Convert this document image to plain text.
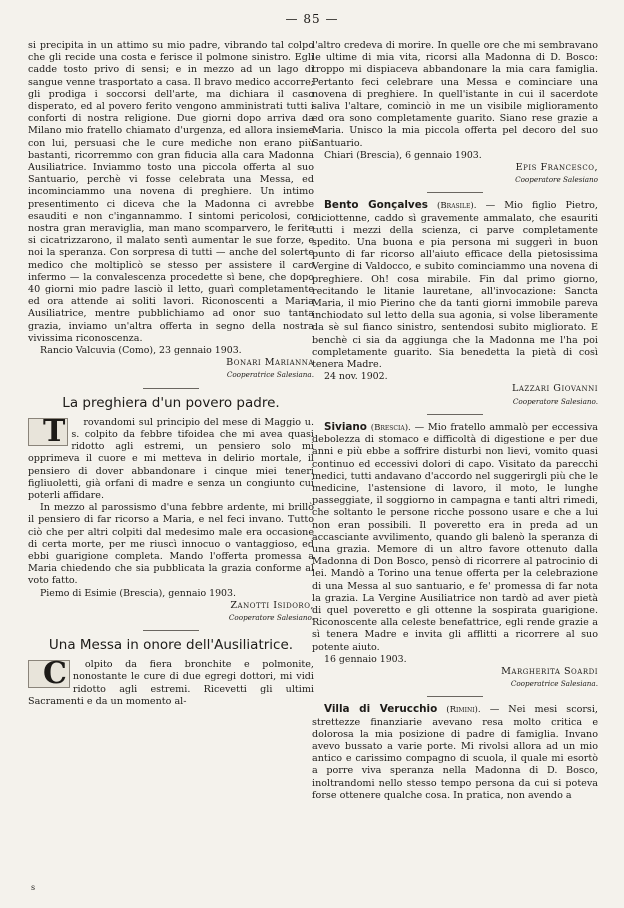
— 85 —

si precipita in un attimo su mio padre, vibrando tal colpo che gli recide una costa e ferisce il polmone sinistro. Egli cadde tosto privo di sensi; e in mezzo ad un lago di sangue venne trasportato a casa. Il bravo medico accorre; gli prodiga i soccorsi dell'arte, ma dichiara il caso disperato, ed al povero ferito vengono amministrati tutti i conforti di nostra religione. Due giorni dopo arriva da Milano mio fratello chiamato d'urgenza, ed allora insieme con lui, persuasi che le cure mediche non erano più bastanti, ricorremmo con gran fiducia alla cara Madonna Ausiliatrice. Inviammo tosto una piccola offerta al suo Santuario, perchè vi fosse celebrata una Messa, ed incominciammo una novena di preghiere. Un intimo presentimento ci diceva che la Madonna ci avrebbe esauditi e non c'ingannammo. I sintomi pericolosi, con nostra gran meraviglia, man mano scomparvero, le ferite si cicatrizzarono, il malato sentì aumentar le sue forze, e noi la speranza. Con sorpresa di tutti — anche del solerte medico che moltiplicò se stesso per assistere il caro infermo — la convalescenza procedette sì bene, che dopo 40 giorni mio padre lasciò il letto, guarì completamente ed ora attende ai soliti lavori. Riconoscenti a Maria Ausiliatrice, mentre pubblichiamo ad onor suo tanta grazia, inviamo un'altra offerta in segno della nostra vivissima riconoscenza.

Rancio Valcuvia (Como), 23 gennaio 1903.

Bonari Marianna

Cooperatrice Salesiana.

La preghiera d'un povero padre.

T	rovandomi sul principio del mese di Maggio u. s. colpito da febbre tifoidea che mi avea quasi ridotto agli estremi, un pensiero solo mi opprimeva il cuore e mi metteva in delirio mortale, il pensiero di dover abbandonare i cinque miei teneri figliuoletti, già orfani di madre e senza un congiunto cui poterli affidare.

In mezzo al parossismo d'una febbre ardente, mi brillò il pensiero di far ricorso a Maria, e nel feci invano. Tutto ciò che per altri colpiti dal medesimo male era occasione di certa morte, per me riuscì innocuo o vantaggioso, ed ebbi guarigione completa. Mando l'offerta promessa a Maria chiedendo che sia pubblicata la grazia conforme al voto fatto.

Piemo di Esimie (Brescia), gennaio 1903.

Zanotti Isidoro,

Cooperatore Salesiano.

Una Messa in onore dell'Ausiliatrice.

C	olpito da fiera bronchite e polmonite, nonostante le cure di due egregi dottori, mi vidi ridotto agli estremi. Ricevetti gli ultimi Sacramenti e da un momento al-

l'altro credeva di morire. In quelle ore che mi sembravano le ultime di mia vita, ricorsi alla Madonna di D. Bosco: troppo mi dispiaceva abbandonare la mia cara famiglia. Pertanto feci celebrare una Messa e cominciare una novena di preghiere. In quell'istante in cui il sacerdote saliva l'altare, cominciò in me un visibile miglioramento ed ora sono completamente guarito. Siano rese grazie a Maria. Unisco la mia piccola offerta pel decoro del suo Santuario.

Chiari (Brescia), 6 gennaio 1903.

Epis Francesco,

Cooperatore Salesiano

Bento Gonçalves (Brasile). — Mio figlio Pietro, diciottenne, caddo sì gravemente ammalato, che esauriti tutti i mezzi della scienza, ci parve completamente spedito. Una buona e pia persona mi suggerì in buon punto di far ricorso all'aiuto efficace della pietosissima Vergine di Valdocco, e subito cominciammo una novena di preghiere. Oh! cosa mirabile. Fin dal primo giorno, recitando le litanie lauretane, all'invocazione: Sancta Maria, il mio Pierino che da tanti giorni immobile pareva inchiodato sul letto della sua agonia, si volse liberamente da sè sul fianco sinistro, sentendosi subito migliorato. E benchè ci sia da aggiunga che la Madonna me l'ha poi completamente guarito. Sia benedetta la pietà di così tenera Madre.

24 nov. 1902.

Lazzari Giovanni

Cooperatore Salesiano.

Siviano (Brescia). — Mio fratello ammalò per eccessiva debolezza di stomaco e difficoltà di digestione e per due anni e più ebbe a soffrire disturbi non lievi, vomito quasi continuo ed eccessivi dolori di capo. Visitato da parecchi medici, tutti andavano d'accordo nel suggerirgli più che le medicine, l'astensione di lavoro, il moto, le lunghe passeggiate, il soggiorno in campagna e tanti altri rimedi, che soltanto le persone ricche possono usare e che a lui non eran possibili. Il poveretto era in preda ad un accasciante avvilimento, quando gli balenò la speranza di una grazia. Memore di un altro favore ottenuto dalla Madonna di Don Bosco, pensò di ricorrere al patrocinio di lei. Mandò a Torino una tenue offerta per la celebrazione di una Messa al suo santuario, e fe' promessa di far nota la grazia. La Vergine Ausiliatrice non tardò ad aver pietà di quel poveretto e gli ottenne la sospirata guarigione. Riconoscente alla celeste benefattrice, egli rende grazie a sì tenera Madre e invita gli afflitti a ricorrere al suo potente aiuto.

16 gennaio 1903.

Margherita Soardi

Cooperatrice Salesiana.

Villa di Verucchio (Rimini). — Nei mesi scorsi, strettezze finanziarie avevano resa molto critica e dolorosa la mia posizione di padre di famiglia. Invano avevo bussato a varie porte. Mi rivolsi allora ad un mio antico e carissimo compagno di scuola, il quale mi esortò a porre viva speranza nella Madonna di D. Bosco, inoltrandomi nello stesso tempo persona da cui si poteva forse ottenere qualche cosa. In pratica, non avendo a

s
